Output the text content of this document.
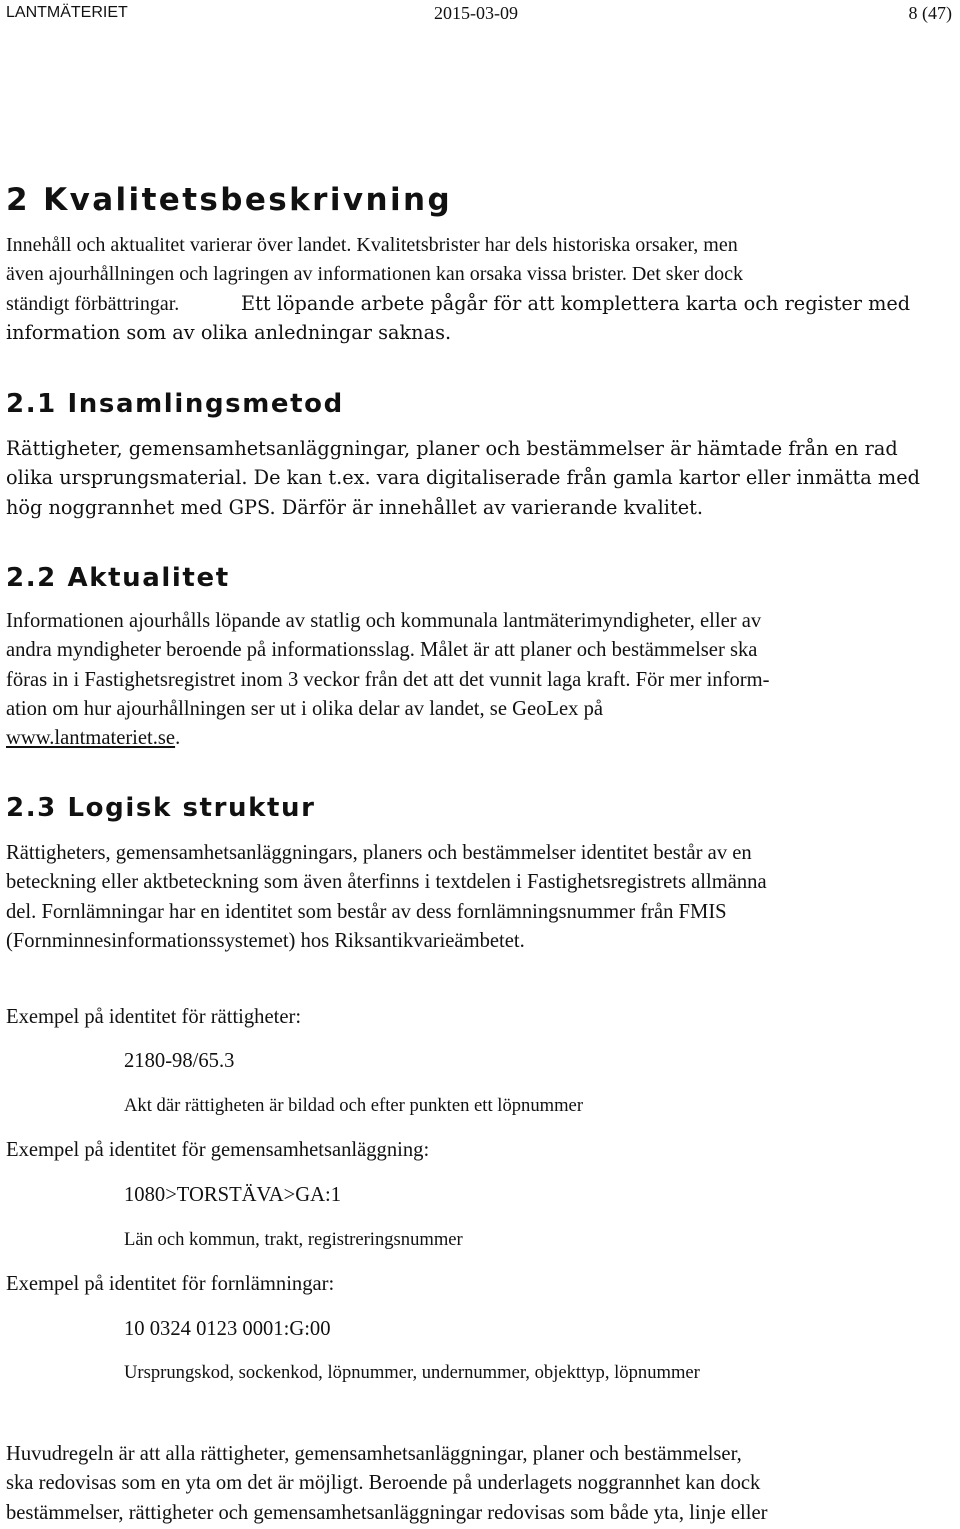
LANTMÄTERIET	2015-03-09	8 (47)
2 Kvalitetsbeskrivning

Innehåll och aktualitet varierar över landet. Kvalitetsbrister har dels historiska orsaker, men

även ajourhållningen och lagringen av informationen kan orsaka vissa brister. Det sker dock

ständigt förbättringar.	Ett löpande arbete pågår för att komplettera karta och register med

information som av olika anledningar saknas.

2.1 Insamlingsmetod

Rättigheter, gemensamhetsanläggningar, planer och bestämmelser är hämtade från en rad

olika ursprungsmaterial. De kan t.ex. vara digitaliserade från gamla kartor eller inmätta med

hög noggrannhet med GPS. Därför är innehållet av varierande kvalitet.

2.2 Aktualitet

Informationen ajourhålls löpande av statlig och kommunala lantmäterimyndigheter, eller av

andra myndigheter beroende på informationsslag. Målet är att planer och bestämmelser ska

föras in i Fastighetsregistret inom 3 veckor från det att det vunnit laga kraft. För mer inform-

ation om hur ajourhållningen ser ut i olika delar av landet, se GeoLex på

www.lantmateriet.se.

2.3 Logisk struktur

Rättigheters, gemensamhetsanläggningars, planers och bestämmelser identitet består av en

beteckning eller aktbeteckning som även återfinns i textdelen i Fastighetsregistrets allmänna

del. Fornlämningar har en identitet som består av dess fornlämningsnummer från FMIS

(Fornminnesinformationssystemet) hos Riksantikvarieämbetet.

Exempel på identitet för rättigheter:

2180-98/65.3

Akt där rättigheten är bildad och efter punkten ett löpnummer

Exempel på identitet för gemensamhetsanläggning:

1080>TORSTÄVA>GA:1

Län och kommun, trakt, registreringsnummer

Exempel på identitet för fornlämningar:

10 0324 0123 0001:G:00

Ursprungskod, sockenkod, löpnummer, undernummer, objekttyp, löpnummer

Huvudregeln är att alla rättigheter, gemensamhetsanläggningar, planer och bestämmelser,

ska redovisas som en yta om det är möjligt. Beroende på underlagets noggrannhet kan dock

bestämmelser, rättigheter och gemensamhetsanläggningar redovisas som både yta, linje eller
